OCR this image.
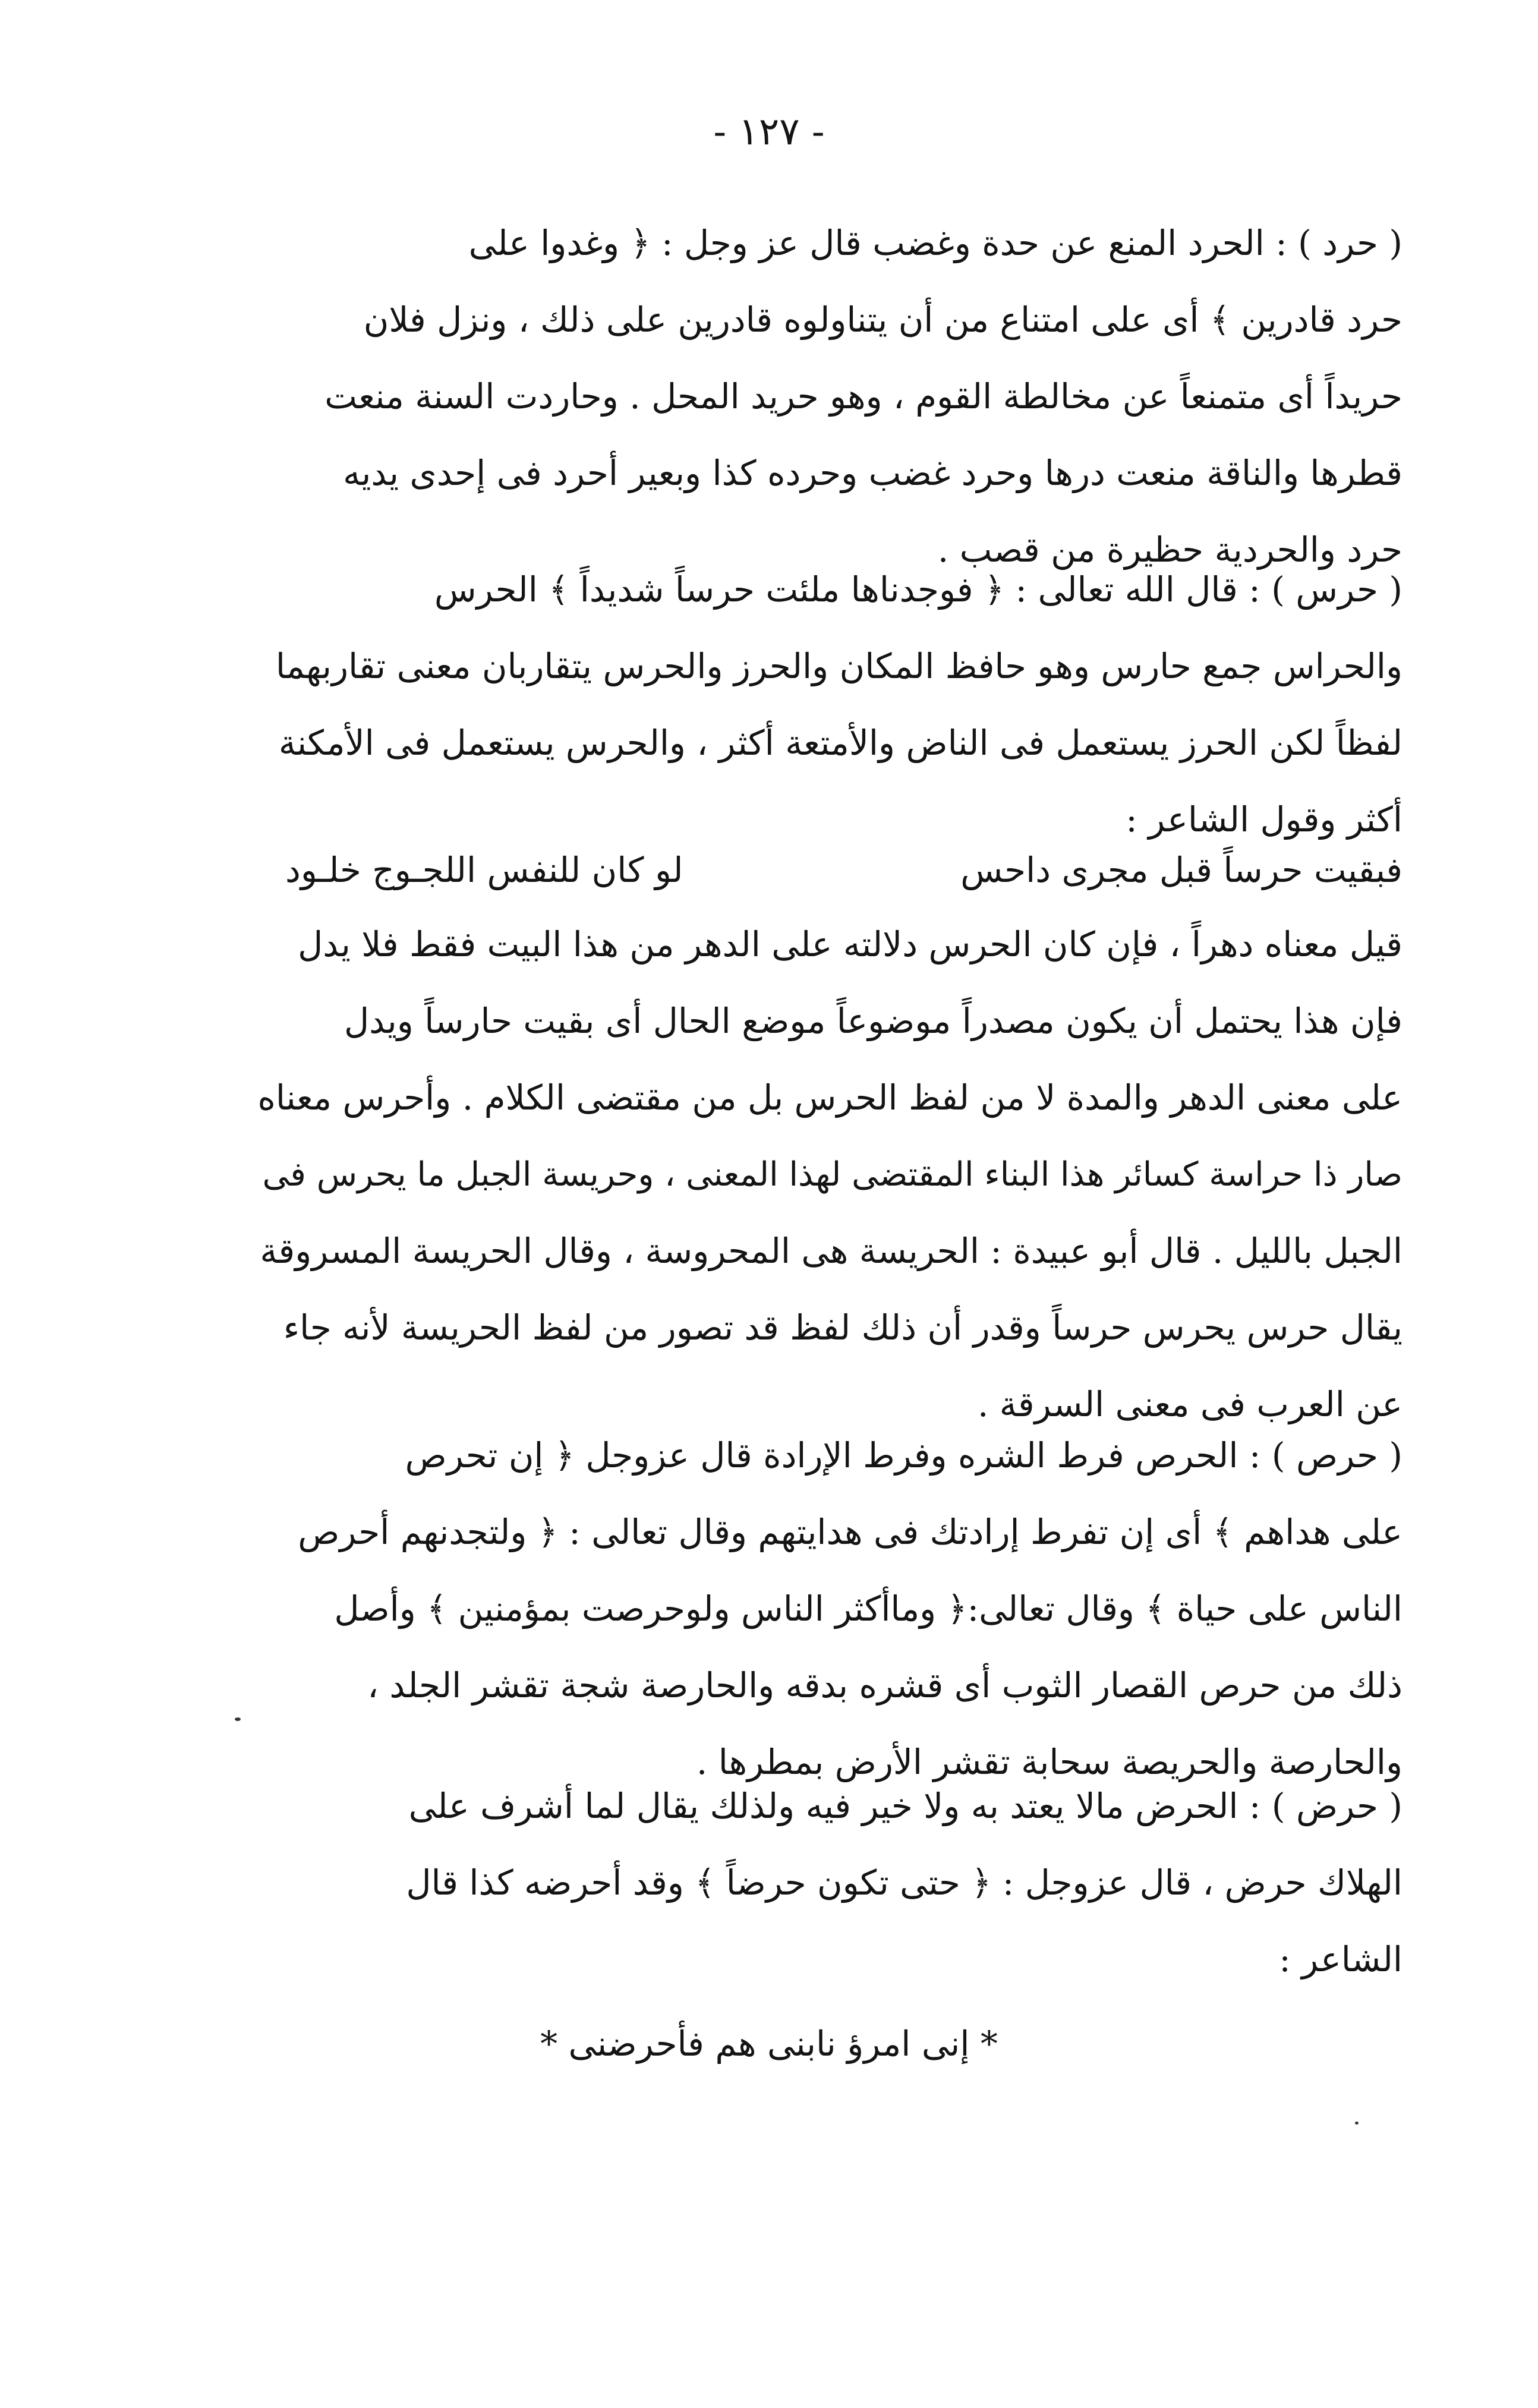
- ١٢٧ -
( حرد ) : الحرد المنع عن حدة وغضب قال عز وجل : ﴿ وغدوا على
حرد قادرين ﴾ أى على امتناع من أن يتناولوه قادرين على ذلك ، ونزل فلان
حريداً أى متمنعاً عن مخالطة القوم ، وهو حريد المحل . وحاردت السنة منعت
قطرها والناقة منعت درها وحرد غضب وحرده كذا وبعير أحرد فى إحدى يديه
حرد والحردية حظيرة من قصب .
( حرس ) : قال الله تعالى : ﴿ فوجدناها ملئت حرساً شديداً ﴾ الحرس
والحراس جمع حارس وهو حافظ المكان والحرز والحرس يتقاربان معنى تقاربهما
لفظاً لكن الحرز يستعمل فى الناض والأمتعة أكثر ، والحرس يستعمل فى الأمكنة
أكثر وقول الشاعر :
فبقيت حرساً قبل مجرى داحس
لو كان للنفس اللجـوج خلـود
قيل معناه دهراً ، فإن كان الحرس دلالته على الدهر من هذا البيت فقط فلا يدل
فإن هذا يحتمل أن يكون مصدراً موضوعاً موضع الحال أى بقيت حارساً ويدل
على معنى الدهر والمدة لا من لفظ الحرس بل من مقتضى الكلام . وأحرس معناه
صار ذا حراسة كسائر هذا البناء المقتضى لهذا المعنى ، وحريسة الجبل ما يحرس فى
الجبل بالليل . قال أبو عبيدة : الحريسة هى المحروسة ، وقال الحريسة المسروقة
يقال حرس يحرس حرساً وقدر أن ذلك لفظ قد تصور من لفظ الحريسة لأنه جاء
عن العرب فى معنى السرقة .
( حرص ) : الحرص فرط الشره وفرط الإرادة قال عزوجل ﴿ إن تحرص
على هداهم ﴾ أى إن تفرط إرادتك فى هدايتهم وقال تعالى : ﴿ ولتجدنهم أحرص
الناس على حياة ﴾ وقال تعالى:﴿ وماأكثر الناس ولوحرصت بمؤمنين ﴾ وأصل
ذلك من حرص القصار الثوب أى قشره بدقه والحارصة شجة تقشر الجلد ،
والحارصة والحريصة سحابة تقشر الأرض بمطرها .
( حرض ) : الحرض مالا يعتد به ولا خير فيه ولذلك يقال لما أشرف على
الهلاك حرض ، قال عزوجل : ﴿ حتى تكون حرضاً ﴾ وقد أحرضه كذا قال
الشاعر :
* إنى امرؤ نابنى هم فأحرضنى *
